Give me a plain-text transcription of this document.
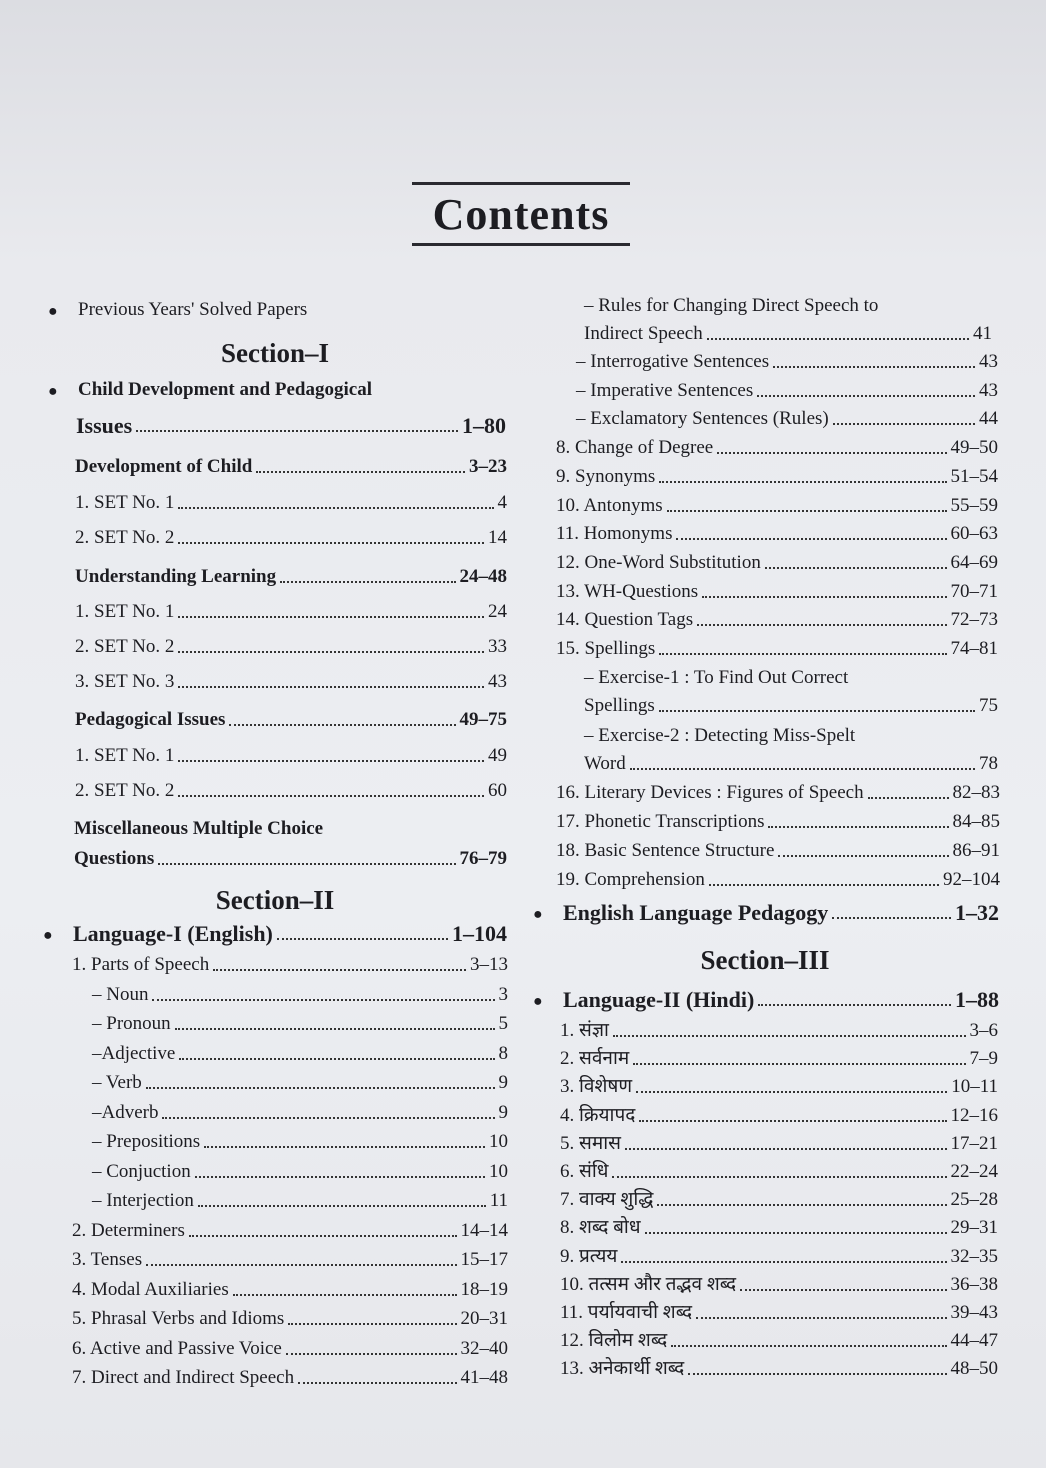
Contents
● Previous Years' Solved Papers
Section–I
● Child Development and Pedagogical
Issues	1–80
Development of Child	3–23
1. SET No. 1	4
2. SET No. 2	14
Understanding Learning	24–48
1. SET No. 1	24
2. SET No. 2	33
3. SET No. 3	43
Pedagogical Issues	49–75
1. SET No. 1	49
2. SET No. 2	60
Miscellaneous Multiple Choice
Questions	76–79
Section–II
● Language-I (English)	1–104
1. Parts of Speech	3–13
– Noun	3
– Pronoun	5
–Adjective	8
– Verb	9
–Adverb	9
– Prepositions	10
– Conjuction	10
– Interjection	11
2. Determiners	14–14
3. Tenses	15–17
4. Modal Auxiliaries	18–19
5. Phrasal Verbs and Idioms	20–31
6. Active and Passive Voice	32–40
7. Direct and Indirect Speech	41–48
– Rules for Changing Direct Speech to
Indirect Speech	41
– Interrogative Sentences	43
– Imperative Sentences	43
– Exclamatory Sentences (Rules)	44
8. Change of Degree	49–50
9. Synonyms	51–54
10. Antonyms	55–59
11. Homonyms	60–63
12. One-Word Substitution	64–69
13. WH-Questions	70–71
14. Question Tags	72–73
15. Spellings	74–81
– Exercise-1 : To Find Out Correct
Spellings	75
– Exercise-2 : Detecting Miss-Spelt
Word	78
16. Literary Devices : Figures of Speech	82–83
17. Phonetic Transcriptions	84–85
18. Basic Sentence Structure	86–91
19. Comprehension	92–104
● English Language Pedagogy	1–32
Section–III
● Language-II (Hindi)	1–88
1. संज्ञा	3–6
2. सर्वनाम	7–9
3. विशेषण	10–11
4. क्रियापद	12–16
5. समास	17–21
6. संधि	22–24
7. वाक्य शुद्धि	25–28
8. शब्द बोध	29–31
9. प्रत्यय	32–35
10. तत्सम और तद्भव शब्द	36–38
11. पर्यायवाची शब्द	39–43
12. विलोम शब्द	44–47
13. अनेकार्थी शब्द	48–50
